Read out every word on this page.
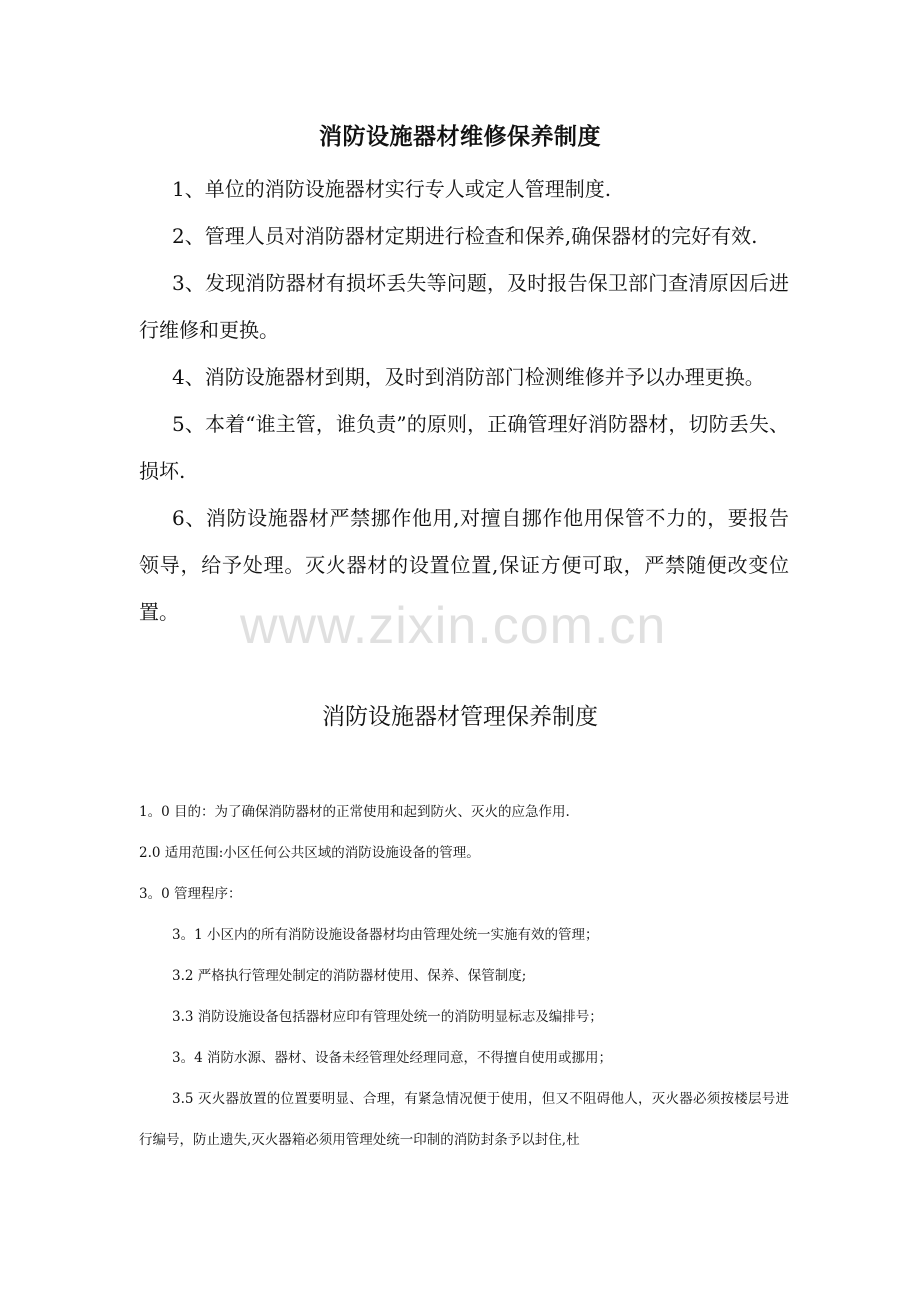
消防设施器材维修保养制度

1、单位的消防设施器材实行专人或定人管理制度.

2、管理人员对消防器材定期进行检查和保养,确保器材的完好有效.

3、发现消防器材有损坏丢失等问题，及时报告保卫部门查清原因后进行维修和更换。

4、消防设施器材到期，及时到消防部门检测维修并予以办理更换。

5、本着“谁主管，谁负责”的原则，正确管理好消防器材，切防丢失、损坏.

6、消防设施器材严禁挪作他用,对擅自挪作他用保管不力的，要报告领导，给予处理。灭火器材的设置位置,保证方便可取，严禁随便改变位置。	www.zixin.com.cn
消防设施器材管理保养制度

1。0 目的：为了确保消防器材的正常使用和起到防火、灭火的应急作用.

2.0 适用范围:小区任何公共区域的消防设施设备的管理。

3。0 管理程序：

3。1 小区内的所有消防设施设备器材均由管理处统一实施有效的管理；

3.2 严格执行管理处制定的消防器材使用、保养、保管制度;

3.3 消防设施设备包括器材应印有管理处统一的消防明显标志及编排号；

3。4 消防水源、器材、设备未经管理处经理同意，不得擅自使用或挪用；

3.5 灭火器放置的位置要明显、合理，有紧急情况便于使用，但又不阻碍他人，灭火器必须按楼层号进行编号，防止遗失,灭火器箱必须用管理处统一印制的消防封条予以封住,杜
